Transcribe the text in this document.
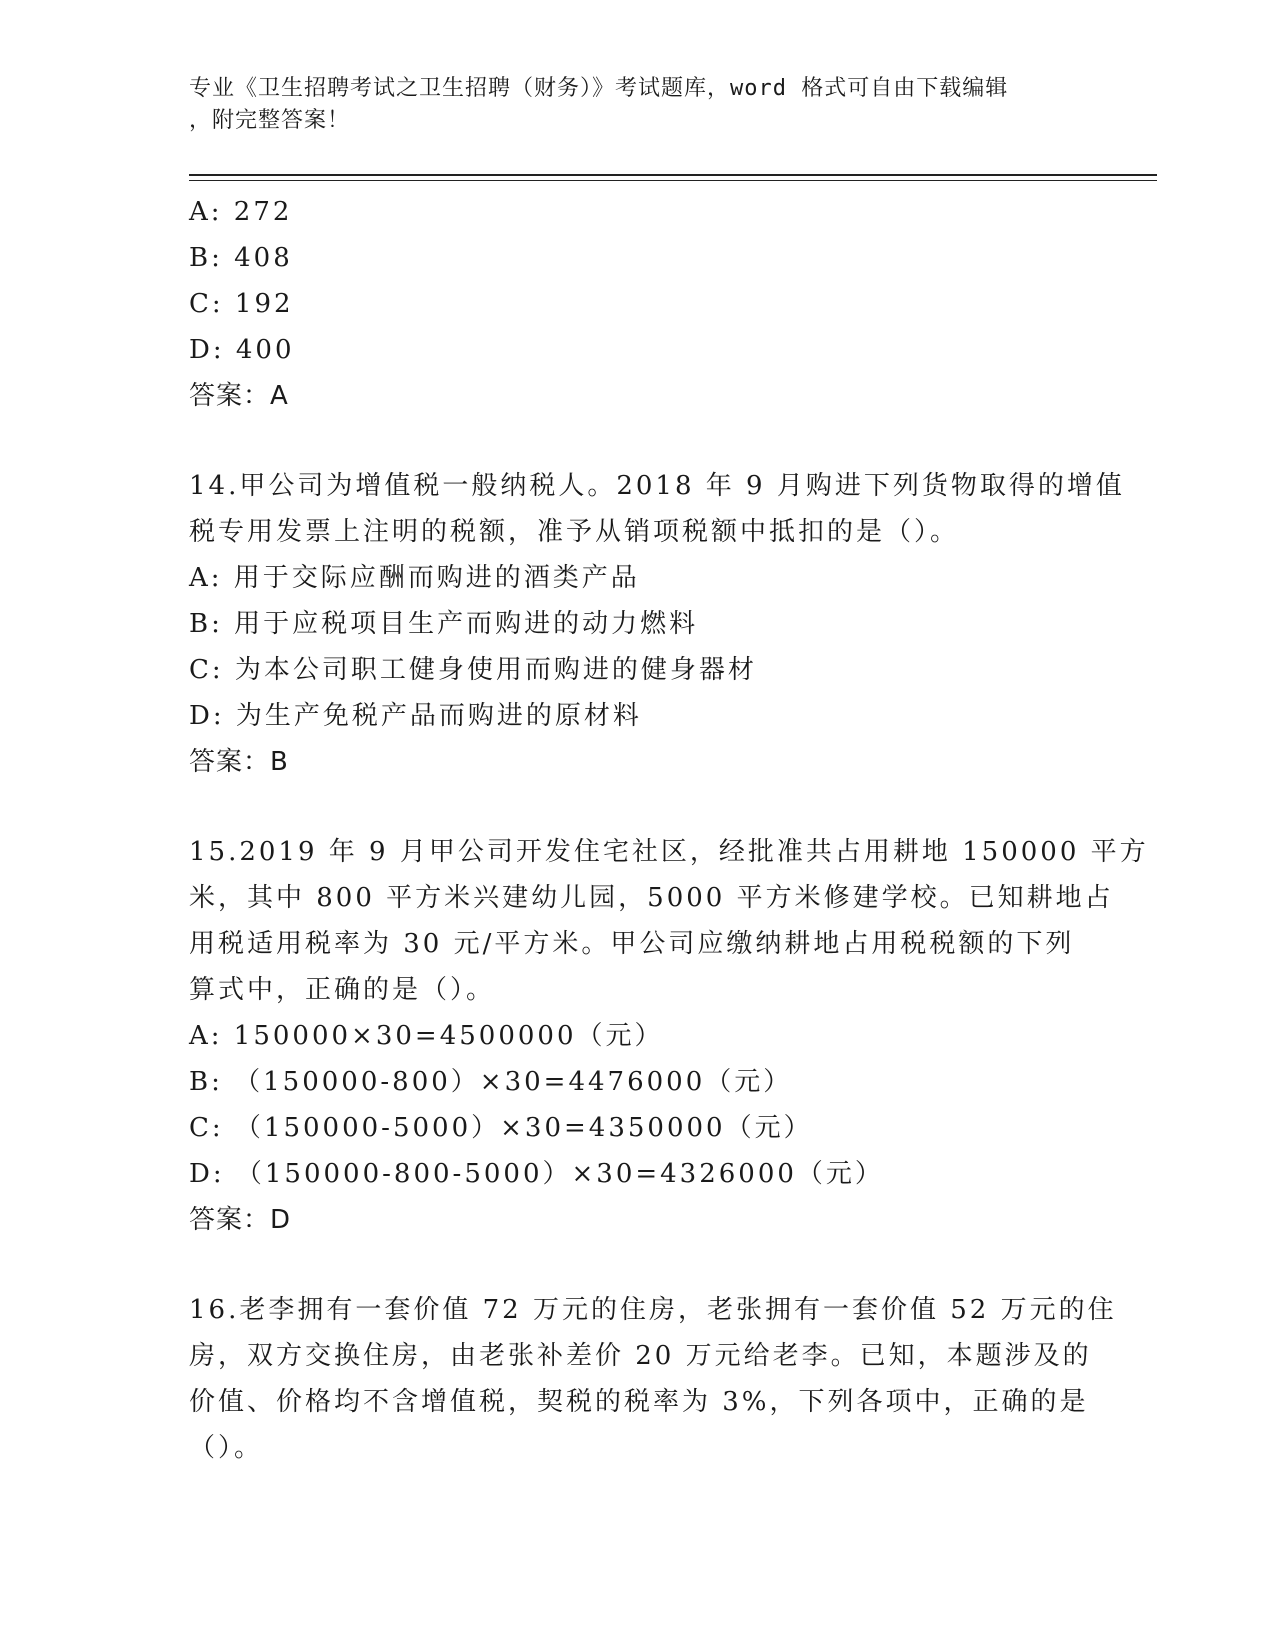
专业《卫生招聘考试之卫生招聘（财务）》考试题库，word 格式可自由下载编辑
，附完整答案！
A: 272
B: 408
C: 192
D: 400
答案：A
14.甲公司为增值税一般纳税人。2018 年 9 月购进下列货物取得的增值
税专用发票上注明的税额，准予从销项税额中抵扣的是（）。
A: 用于交际应酬而购进的酒类产品
B: 用于应税项目生产而购进的动力燃料
C: 为本公司职工健身使用而购进的健身器材
D: 为生产免税产品而购进的原材料
答案：B
15.2019 年 9 月甲公司开发住宅社区，经批准共占用耕地 150000 平方
米，其中 800 平方米兴建幼儿园，5000 平方米修建学校。已知耕地占
用税适用税率为 30 元/平方米。甲公司应缴纳耕地占用税税额的下列
算式中，正确的是（）。
A: 150000×30=4500000（元）
B: （150000-800）×30=4476000（元）
C: （150000-5000）×30=4350000（元）
D: （150000-800-5000）×30=4326000（元）
答案：D
16.老李拥有一套价值 72 万元的住房，老张拥有一套价值 52 万元的住
房，双方交换住房，由老张补差价 20 万元给老李。已知，本题涉及的
价值、价格均不含增值税，契税的税率为 3%，下列各项中，正确的是
（）。
